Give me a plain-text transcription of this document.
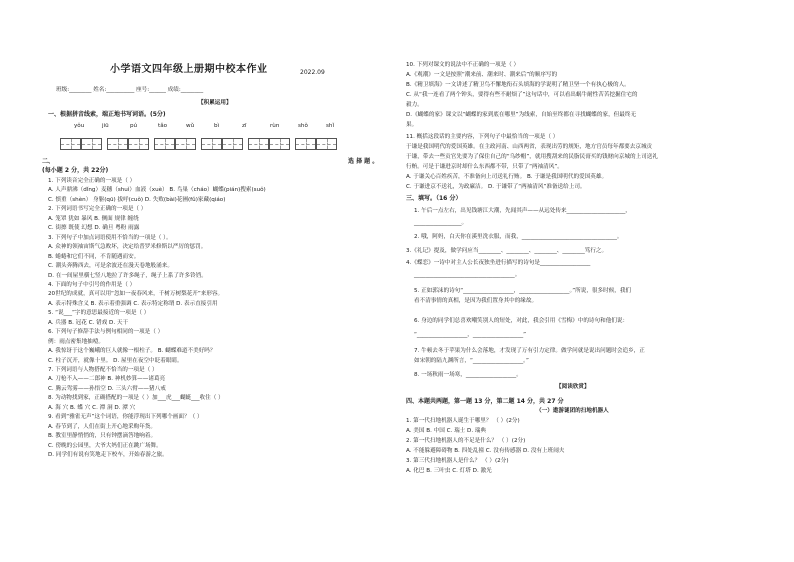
小学语文四年级上册期中校本作业	2022.09
班级:________ 姓名:__________ 座号:______ 成绩:________
【积累运用】
一、根据拼音线索，端正地书写词语。(5分)
yǒu	jiū	pú	tǎo	wǔ	bì	zī	rùn	shǒ	shǐ
二、	选 择 题 。
(每小题 2 分，共 22分)
1. 下列读音完全正确的一项是（ ）
A. 人声鼎沸（dǐng）麦穗（shuì）血液（xuè） B. 鸟巢（cháo）蝴蝶(pián)搜索(suǒ)
C. 慎重（shèn） 身躯(qū) 拔呼(cuǒ) D. 失败(bài)花圃(fǔ)家藏(qiáo)
2. 下列词语书写完全正确的一项是（ ）
A. 笼罩 犹如 暴风 B. 侧面 规律 缠绕
C. 街擦 既使 幻想 D. 确旦 粤粉 雨露
3. 下列句子中加点词语使用不恰当的一项是（ ）。
A. 众神的领袖宙斯气急败坏，决定给普罗米修斯以严厉的惩罚。
B. 蜷蜷和它们不同，不肯随遇而安。
C. 潮头奔腾西去，可是余波还在漫天卷地般涌来。
D. 在一间屋里横七竖八地拉了许多绳子，绳子上系了许多铃铛。
4. 下面的句子中引号的作用是（ ）
20世纪的成就，真可以用“忽如一夜春风来，千树万树梨花开”来形容。
A. 表示特殊含义 B. 表示着重强调 C. 表示特定称谓 D. 表示直接引用
5. “说___”字的意思最接近的一项是（ ）
A. 兵器 B. 冠花 C. 错戏 D. 天干
6. 下列句子修辞手法与例句相同的一项是（ ）
例：雨点密集地抽噎。
A. 我惊讶于这个巍峨的巨人就像一根柱子。 B. 蝴蝶难道不美好吗？
C. 柱子沉开，就像十里。 D. 屋里在夜空中眨着眼睛。
7. 下列词语与人物搭配不恰当的一项是（ ）
A. 刀枪不入——二郎神 B. 神机妙算——诸葛亮
C. 腾云驾雾——孙悟空 D. 三头六臂——猪八戒
8. 为动物找到家，正确搭配的一项是（ ）加___虎___蝴蜓___收住（ ）
A. 海 穴 B. 蝶 穴 C. 潭 洞 D. 潭 穴
9. 看到“雅雀无声”这个词语，你能浮现出下列哪个画面？（ ）
A. 春节到了，人们在街上开心地采购年货。
B. 教室里静悄悄的，只有钟摆滴答地响着。
C. 傍晚的公园里，大爷大妈们正在跳广场舞。
D. 同学们有说有笑地走下校车，开始春游之旅。
10. 下列对课文的说法中不正确的一项是（ ）
A.《观潮》一文是按照“潮来前、潮来时、潮来后”的顺序写的
B.《精卫填海》一文讲述了精卫鸟不懈地衔石头填海的学说明了精卫坚一个有执心极的人。
C. 从“我一连看了两个钟头，要得有些不耐烦了”这句话中，可以看出蜗牛耐性苦苦挖掘住宅的
毅力。
D.《蝴蝶的家》课文以“蝴蝶的家到底在哪里”为线索，自始至终都在寻找蝴蝶的家，但最终无
果。
11. 概括这段话的主要内容，下列句子中最恰当的一项是（ ）
于谦是我国明代的爱国英雄。在主政河南、山西两省，表现出劳的规矩，地方官员每年都要去京城贡
于谦，带去一些贡官先要为了保住自己的“乌纱帽”，就用搜刮来的民脂民膏买的钱财向京城的上司送礼
行贿。可是于谦进京时却什么东西都不带，只带了“两袖清风”。
A. 于谦关心百姓疾苦，不准备向上司送礼行贿。 B. 于谦是我国明代的爱国英雄。
C. 于谦进京不送礼，为政廉洁。 D. 于谦带了“两袖清风”准备送给上司。
三、填写。（16 分）
1. 午后一点左右，出见钱塘江大潮，先闻其声——从远处传来_____________________，
_________________。
2. 哦，阿妈，白天你在溪里洗衣服，而我，__________________________________。
3.《礼记》提及，做学问应当________、________、________、________笃行之。
4.《蝶恋》一诗中对主人公长夜独坐进行描写的诗句是__________________
____________________________________。
5. 正如郭沫的诗句“__________________，__________________。”所说，很多时候，我们
看不清事情的真相，是因为我们置身其中的缘故。
6. 身边的同学们总喜欢嘲笑别人的短处，对此，我会引用《雪梅》中的诗句和他们说：
“__________________，__________________”
7. 牛顿去冬于苹果为什么会落地，才发现了万有引力定律。做学问就是说出问题时会追乡，正
如宋朝的陆九渊所言，“__________________。”
8. 一场秋雨一场寒，__________________。
【阅读欣赏】
四、本题共两题，第一题 13 分，第二题 14 分，共 27 分
（一）遨游谜团的扫地机器人
1. 第一代扫地机器人诞生于哪里？ （ ）(2分)
A. 美国 B. 中国 C. 瑞士 D. 瑞典
2. 第一代扫地机器人的不足是什么？ （ ）(2分)
A. 不能躲避障碍物 B. 四处乱撞 C. 没有传感器 D. 没有上班闹夫
3. 第三代扫地机器人是什么？ （ ）(2分)
A. 化巴 B. 三叶虫 C. 灯塔 D. 激光
